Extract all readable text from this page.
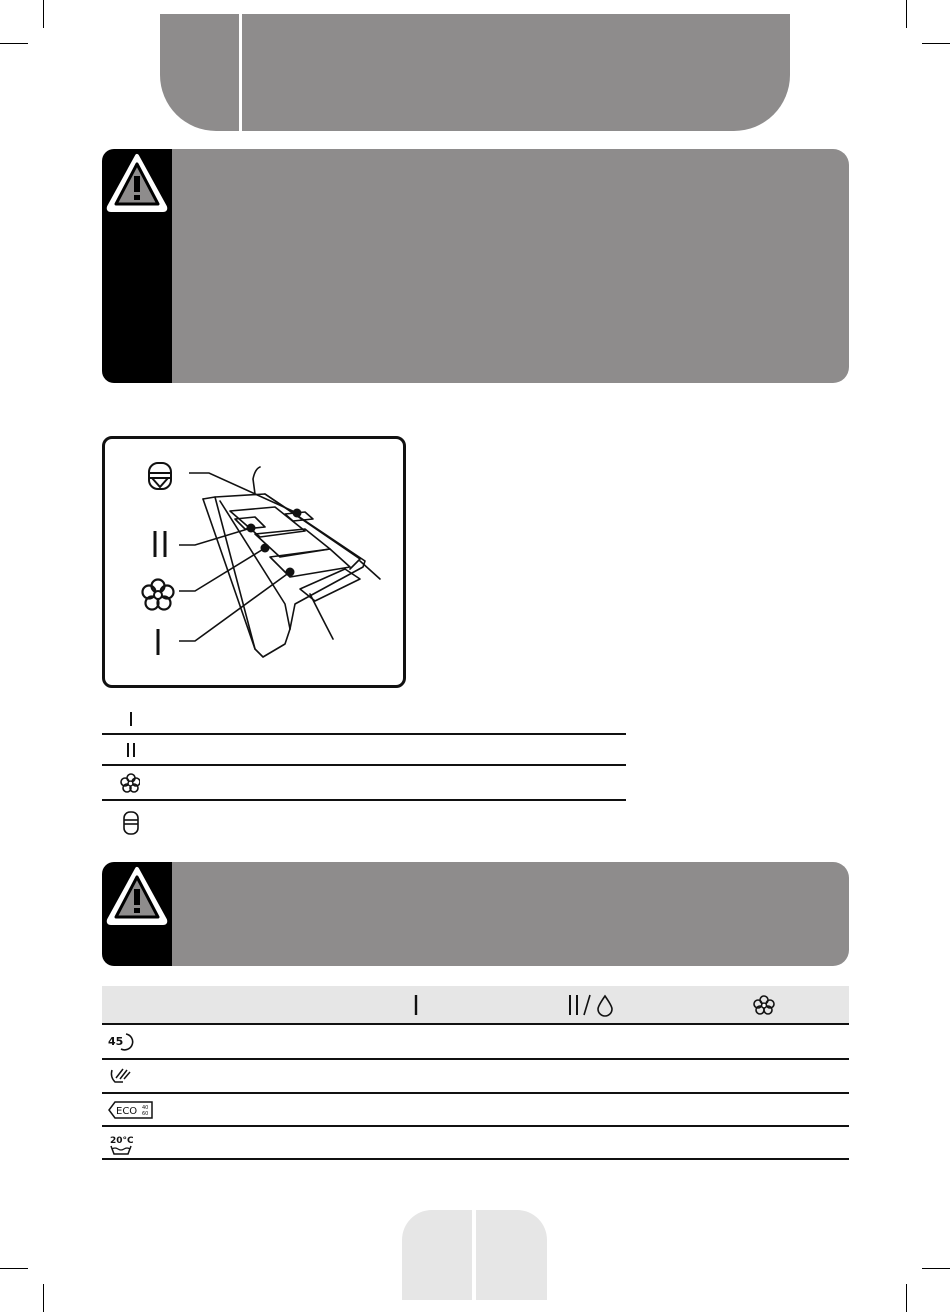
45
ECO 40
60
20°C
